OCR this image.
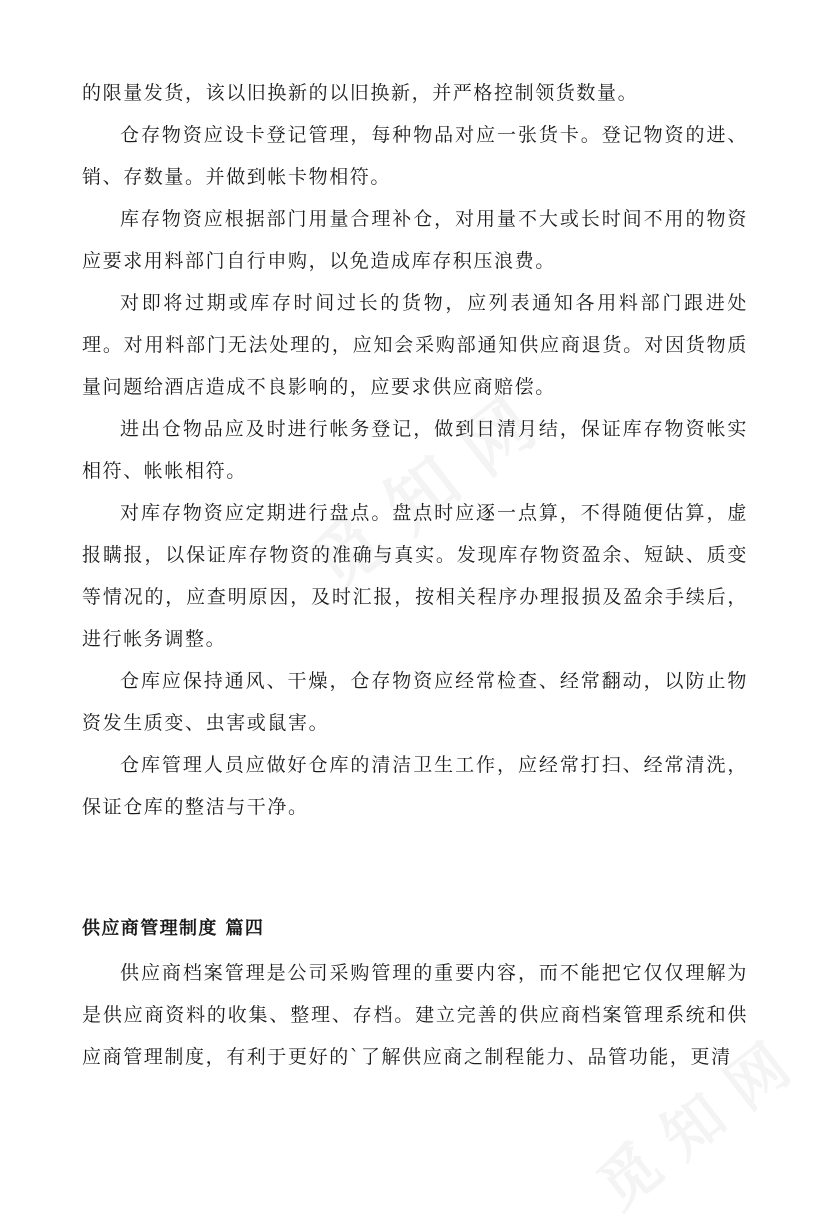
的限量发货，该以旧换新的以旧换新，并严格控制领货数量。

仓存物资应设卡登记管理，每种物品对应一张货卡。登记物资的进、销、存数量。并做到帐卡物相符。

库存物资应根据部门用量合理补仓，对用量不大或长时间不用的物资应要求用料部门自行申购，以免造成库存积压浪费。

对即将过期或库存时间过长的货物，应列表通知各用料部门跟进处理。对用料部门无法处理的，应知会采购部通知供应商退货。对因货物质量问题给酒店造成不良影响的，应要求供应商赔偿。

进出仓物品应及时进行帐务登记，做到日清月结，保证库存物资帐实相符、帐帐相符。

对库存物资应定期进行盘点。盘点时应逐一点算，不得随便估算，虚报瞒报，以保证库存物资的准确与真实。发现库存物资盈余、短缺、质变等情况的，应查明原因，及时汇报，按相关程序办理报损及盈余手续后，进行帐务调整。

仓库应保持通风、干燥，仓存物资应经常检查、经常翻动，以防止物资发生质变、虫害或鼠害。

仓库管理人员应做好仓库的清洁卫生工作，应经常打扫、经常清洗，保证仓库的整洁与干净。

供应商管理制度 篇四

供应商档案管理是公司采购管理的重要内容，而不能把它仅仅理解为是供应商资料的收集、整理、存档。建立完善的供应商档案管理系统和供应商管理制度，有利于更好的`了解供应商之制程能力、品管功能，更清
